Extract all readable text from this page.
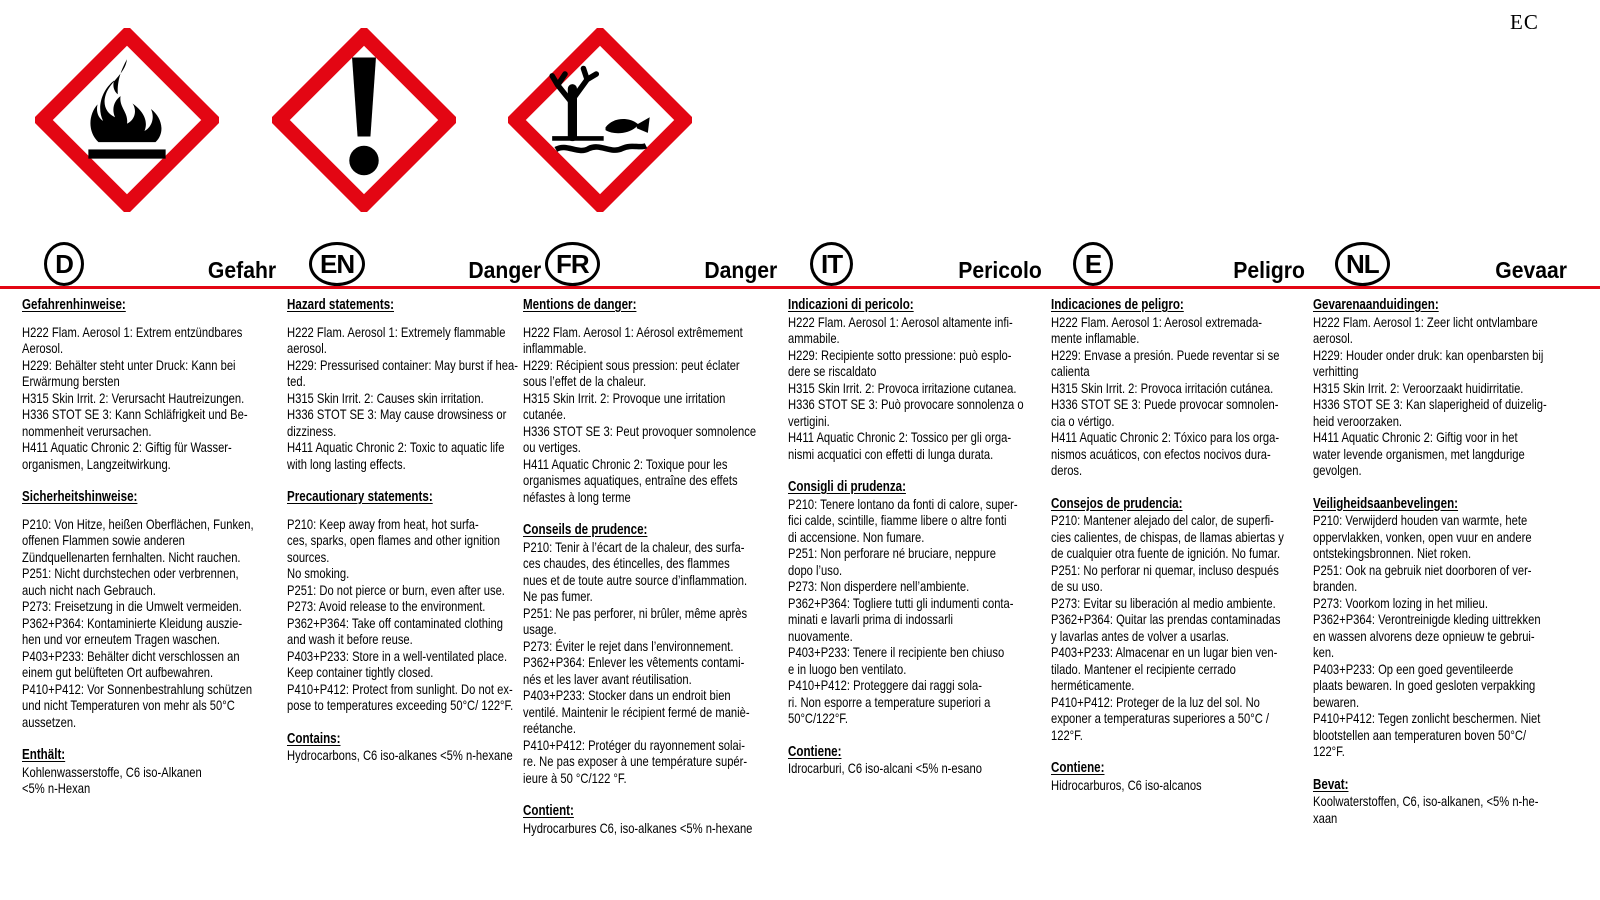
EC
D	Gefahr	EN	Danger FR	Danger	IT	Pericolo	E	Peligro	NL	Gevaar
Gefahrenhinweise:
H222 Flam. Aerosol 1: Extrem entzündbares
Aerosol.
H229: Behälter steht unter Druck: Kann bei
Erwärmung bersten
H315 Skin Irrit. 2: Verursacht Hautreizungen.
H336 STOT SE 3: Kann Schläfrigkeit und Be-
nommenheit verursachen.
H411 Aquatic Chronic 2: Giftig für Wasser-
organismen, Langzeitwirkung.
Sicherheitshinweise:
P210: Von Hitze, heißen Oberflächen, Funken,
offenen Flammen sowie anderen
Zündquellenarten fernhalten. Nicht rauchen.
P251: Nicht durchstechen oder verbrennen,
auch nicht nach Gebrauch.
P273: Freisetzung in die Umwelt vermeiden.
P362+P364: Kontaminierte Kleidung auszie-
hen und vor erneutem Tragen waschen.
P403+P233: Behälter dicht verschlossen an
einem gut belüfteten Ort aufbewahren.
P410+P412: Vor Sonnenbestrahlung schützen
und nicht Temperaturen von mehr als 50°C
aussetzen.
Enthält:
Kohlenwasserstoffe, C6 iso-Alkanen
<5% n-Hexan
Hazard statements:
H222 Flam. Aerosol 1: Extremely flammable
aerosol.
H229: Pressurised container: May burst if hea-
ted.
H315 Skin Irrit. 2: Causes skin irritation.
H336 STOT SE 3: May cause drowsiness or
dizziness.
H411 Aquatic Chronic 2: Toxic to aquatic life
with long lasting effects.
Precautionary statements:
P210: Keep away from heat, hot surfa-
ces, sparks, open flames and other ignition
sources.
No smoking.
P251: Do not pierce or burn, even after use.
P273: Avoid release to the environment.
P362+P364: Take off contaminated clothing
and wash it before reuse.
P403+P233: Store in a well-ventilated place.
Keep container tightly closed.
P410+P412: Protect from sunlight. Do not ex-
pose to temperatures exceeding 50°C/ 122°F.
Contains:
Hydrocarbons, C6 iso-alkanes <5% n-hexane
Mentions de danger:
H222 Flam. Aerosol 1: Aérosol extrêmement
inflammable.
H229: Récipient sous pression: peut éclater
sous l’effet de la chaleur.
H315 Skin Irrit. 2: Provoque une irritation
cutanée.
H336 STOT SE 3: Peut provoquer somnolence
ou vertiges.
H411 Aquatic Chronic 2: Toxique pour les
organismes aquatiques, entraîne des effets
néfastes à long terme
Conseils de prudence:
P210: Tenir à l’écart de la chaleur, des surfa-
ces chaudes, des étincelles, des flammes
nues et de toute autre source d’inflammation.
Ne pas fumer.
P251: Ne pas perforer, ni brûler, même après
usage.
P273: Éviter le rejet dans l’environnement.
P362+P364: Enlever les vêtements contami-
nés et les laver avant réutilisation.
P403+P233: Stocker dans un endroit bien
ventilé. Maintenir le récipient fermé de maniè-
reétanche.
P410+P412: Protéger du rayonnement solai-
re. Ne pas exposer à une température supér-
ieure à 50 °C/122 °F.
Contient:
Hydrocarbures C6, iso-alkanes <5% n-hexane
Indicazioni di pericolo:
H222 Flam. Aerosol 1: Aerosol altamente infi-
ammabile.
H229: Recipiente sotto pressione: può esplo-
dere se riscaldato
H315 Skin Irrit. 2: Provoca irritazione cutanea.
H336 STOT SE 3: Può provocare sonnolenza o
vertigini.
H411 Aquatic Chronic 2: Tossico per gli orga-
nismi acquatici con effetti di lunga durata.
Consigli di prudenza:
P210: Tenere lontano da fonti di calore, super-
fici calde, scintille, fiamme libere o altre fonti
di accensione. Non fumare.
P251: Non perforare né bruciare, neppure
dopo l’uso.
P273: Non disperdere nell’ambiente.
P362+P364: Togliere tutti gli indumenti conta-
minati e lavarli prima di indossarli
nuovamente.
P403+P233: Tenere il recipiente ben chiuso
e in luogo ben ventilato.
P410+P412: Proteggere dai raggi sola-
ri. Non esporre a temperature superiori a
50°C/122°F.
Contiene:
Idrocarburi, C6 iso-alcani <5% n-esano
Indicaciones de peligro:
H222 Flam. Aerosol 1: Aerosol extremada-
mente inflamable.
H229: Envase a presión. Puede reventar si se
calienta
H315 Skin Irrit. 2: Provoca irritación cutánea.
H336 STOT SE 3: Puede provocar somnolen-
cia o vértigo.
H411 Aquatic Chronic 2: Tóxico para los orga-
nismos acuáticos, con efectos nocivos dura-
deros.
Consejos de prudencia:
P210: Mantener alejado del calor, de superfi-
cies calientes, de chispas, de llamas abiertas y
de cualquier otra fuente de ignición. No fumar.
P251: No perforar ni quemar, incluso después
de su uso.
P273: Evitar su liberación al medio ambiente.
P362+P364: Quitar las prendas contaminadas
y lavarlas antes de volver a usarlas.
P403+P233: Almacenar en un lugar bien ven-
tilado. Mantener el recipiente cerrado
herméticamente.
P410+P412: Proteger de la luz del sol. No
exponer a temperaturas superiores a 50°C /
122°F.
Contiene:
Hidrocarburos, C6 iso-alcanos
Gevarenaanduidingen:
H222 Flam. Aerosol 1: Zeer licht ontvlambare
aerosol.
H229: Houder onder druk: kan openbarsten bij
verhitting
H315 Skin Irrit. 2: Veroorzaakt huidirritatie.
H336 STOT SE 3: Kan slaperigheid of duizelig-
heid veroorzaken.
H411 Aquatic Chronic 2: Giftig voor in het
water levende organismen, met langdurige
gevolgen.
Veiligheidsaanbevelingen:
P210: Verwijderd houden van warmte, hete
oppervlakken, vonken, open vuur en andere
ontstekingsbronnen. Niet roken.
P251: Ook na gebruik niet doorboren of ver-
branden.
P273: Voorkom lozing in het milieu.
P362+P364: Verontreinigde kleding uittrekken
en wassen alvorens deze opnieuw te gebrui-
ken.
P403+P233: Op een goed geventileerde
plaats bewaren. In goed gesloten verpakking
bewaren.
P410+P412: Tegen zonlicht beschermen. Niet
blootstellen aan temperaturen boven 50°C/
122°F.
Bevat:
Koolwaterstoffen, C6, iso-alkanen, <5% n-he-
xaan
